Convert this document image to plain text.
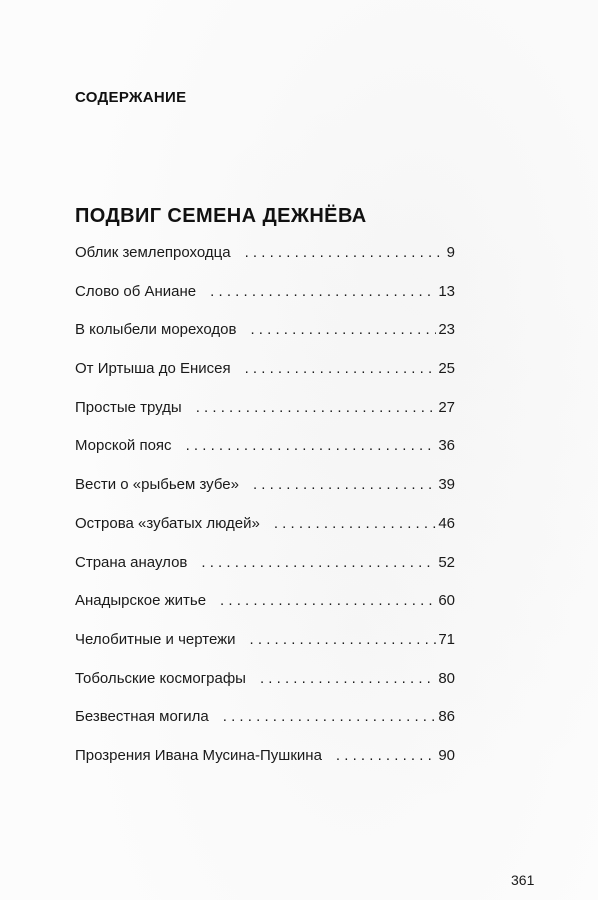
СОДЕРЖАНИЕ
ПОДВИГ СЕМЕНА ДЕЖНЁВА
Облик землепроходца . . .	9
Слово об Аниане . . .	13
В колыбели мореходов . . .	23
От Иртыша до Енисея . . .	25
Простые труды . . .	27
Морской пояс . . .	36
Вести о «рыбьем зубе» . . .	39
Острова «зубатых людей» . . .	46
Страна анаулов . . .	52
Анадырское житье . . .	60
Челобитные и чертежи . . .	71
Тобольские космографы . . .	80
Безвестная могила . . .	86
Прозрения Ивана Мусина-Пушкина . . .	90
361
